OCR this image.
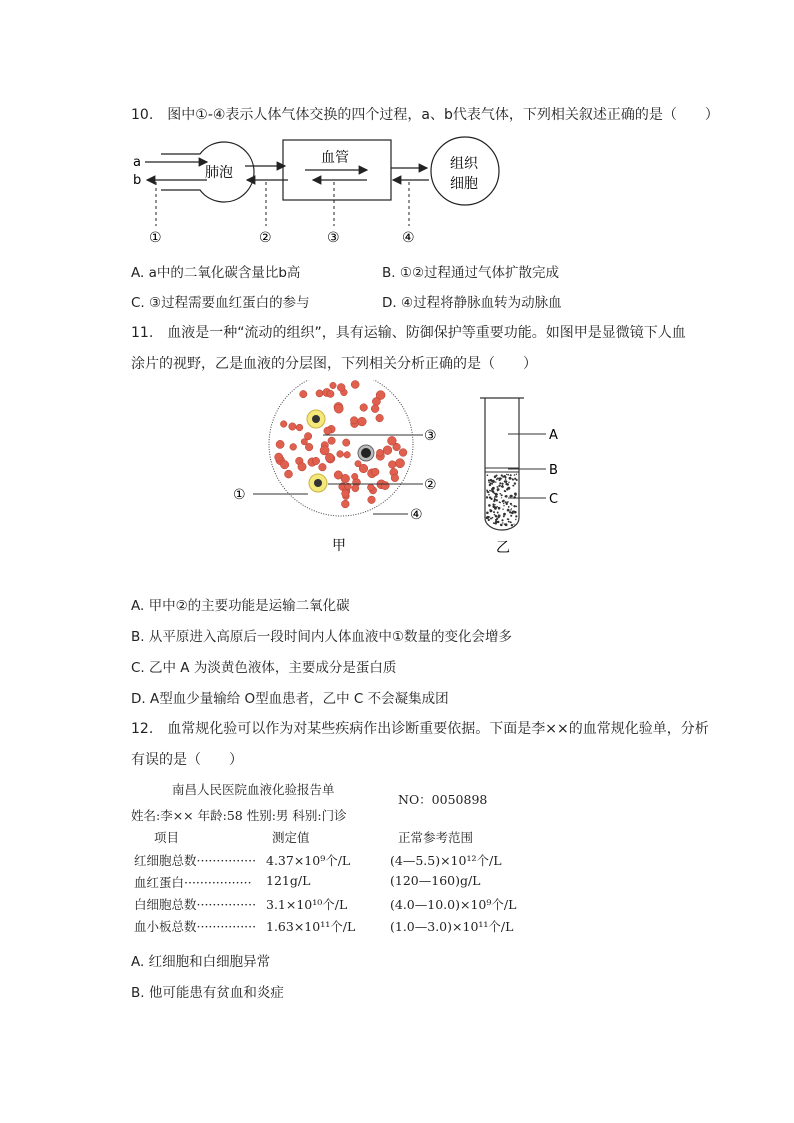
10.　图中①-④表示人体气体交换的四个过程，a、b代表气体，下列相关叙述正确的是（　　）
a
b	肺泡
血管	组织
细胞
①	②	③	④
A. a中的二氧化碳含量比b高	B. ①②过程通过气体扩散完成
C. ③过程需要血红蛋白的参与	D. ④过程将静脉血转为动脉血
11.　血液是一种“流动的组织”，具有运输、防御保护等重要功能。如图甲是显微镜下人血
涂片的视野，乙是血液的分层图，下列相关分析正确的是（　　）
③
②
①
④
A
B
C
甲	乙
A. 甲中②的主要功能是运输二氧化碳
B. 从平原进入高原后一段时间内人体血液中①数量的变化会增多
C. 乙中 A 为淡黄色液体，主要成分是蛋白质
D. A型血少量输给 O型血患者，乙中 C 不会凝集成团
12.　血常规化验可以作为对某些疾病作出诊断重要依据。下面是李××的血常规化验单，分析
有误的是（　　）
南昌人民医院血液化验报告单
NO：0050898
姓名:李×× 年龄:58 性别:男 科别:门诊
项目	测定值	正常参考范围
红细胞总数··············· 4.37×10⁹个/L	(4—5.5)×10¹²个/L
血红蛋白················· 121g/L	(120—160)g/L
白细胞总数··············· 3.1×10¹⁰个/L	(4.0—10.0)×10⁹个/L
血小板总数··············· 1.63×10¹¹个/L	(1.0—3.0)×10¹¹个/L
A. 红细胞和白细胞异常
B. 他可能患有贫血和炎症
